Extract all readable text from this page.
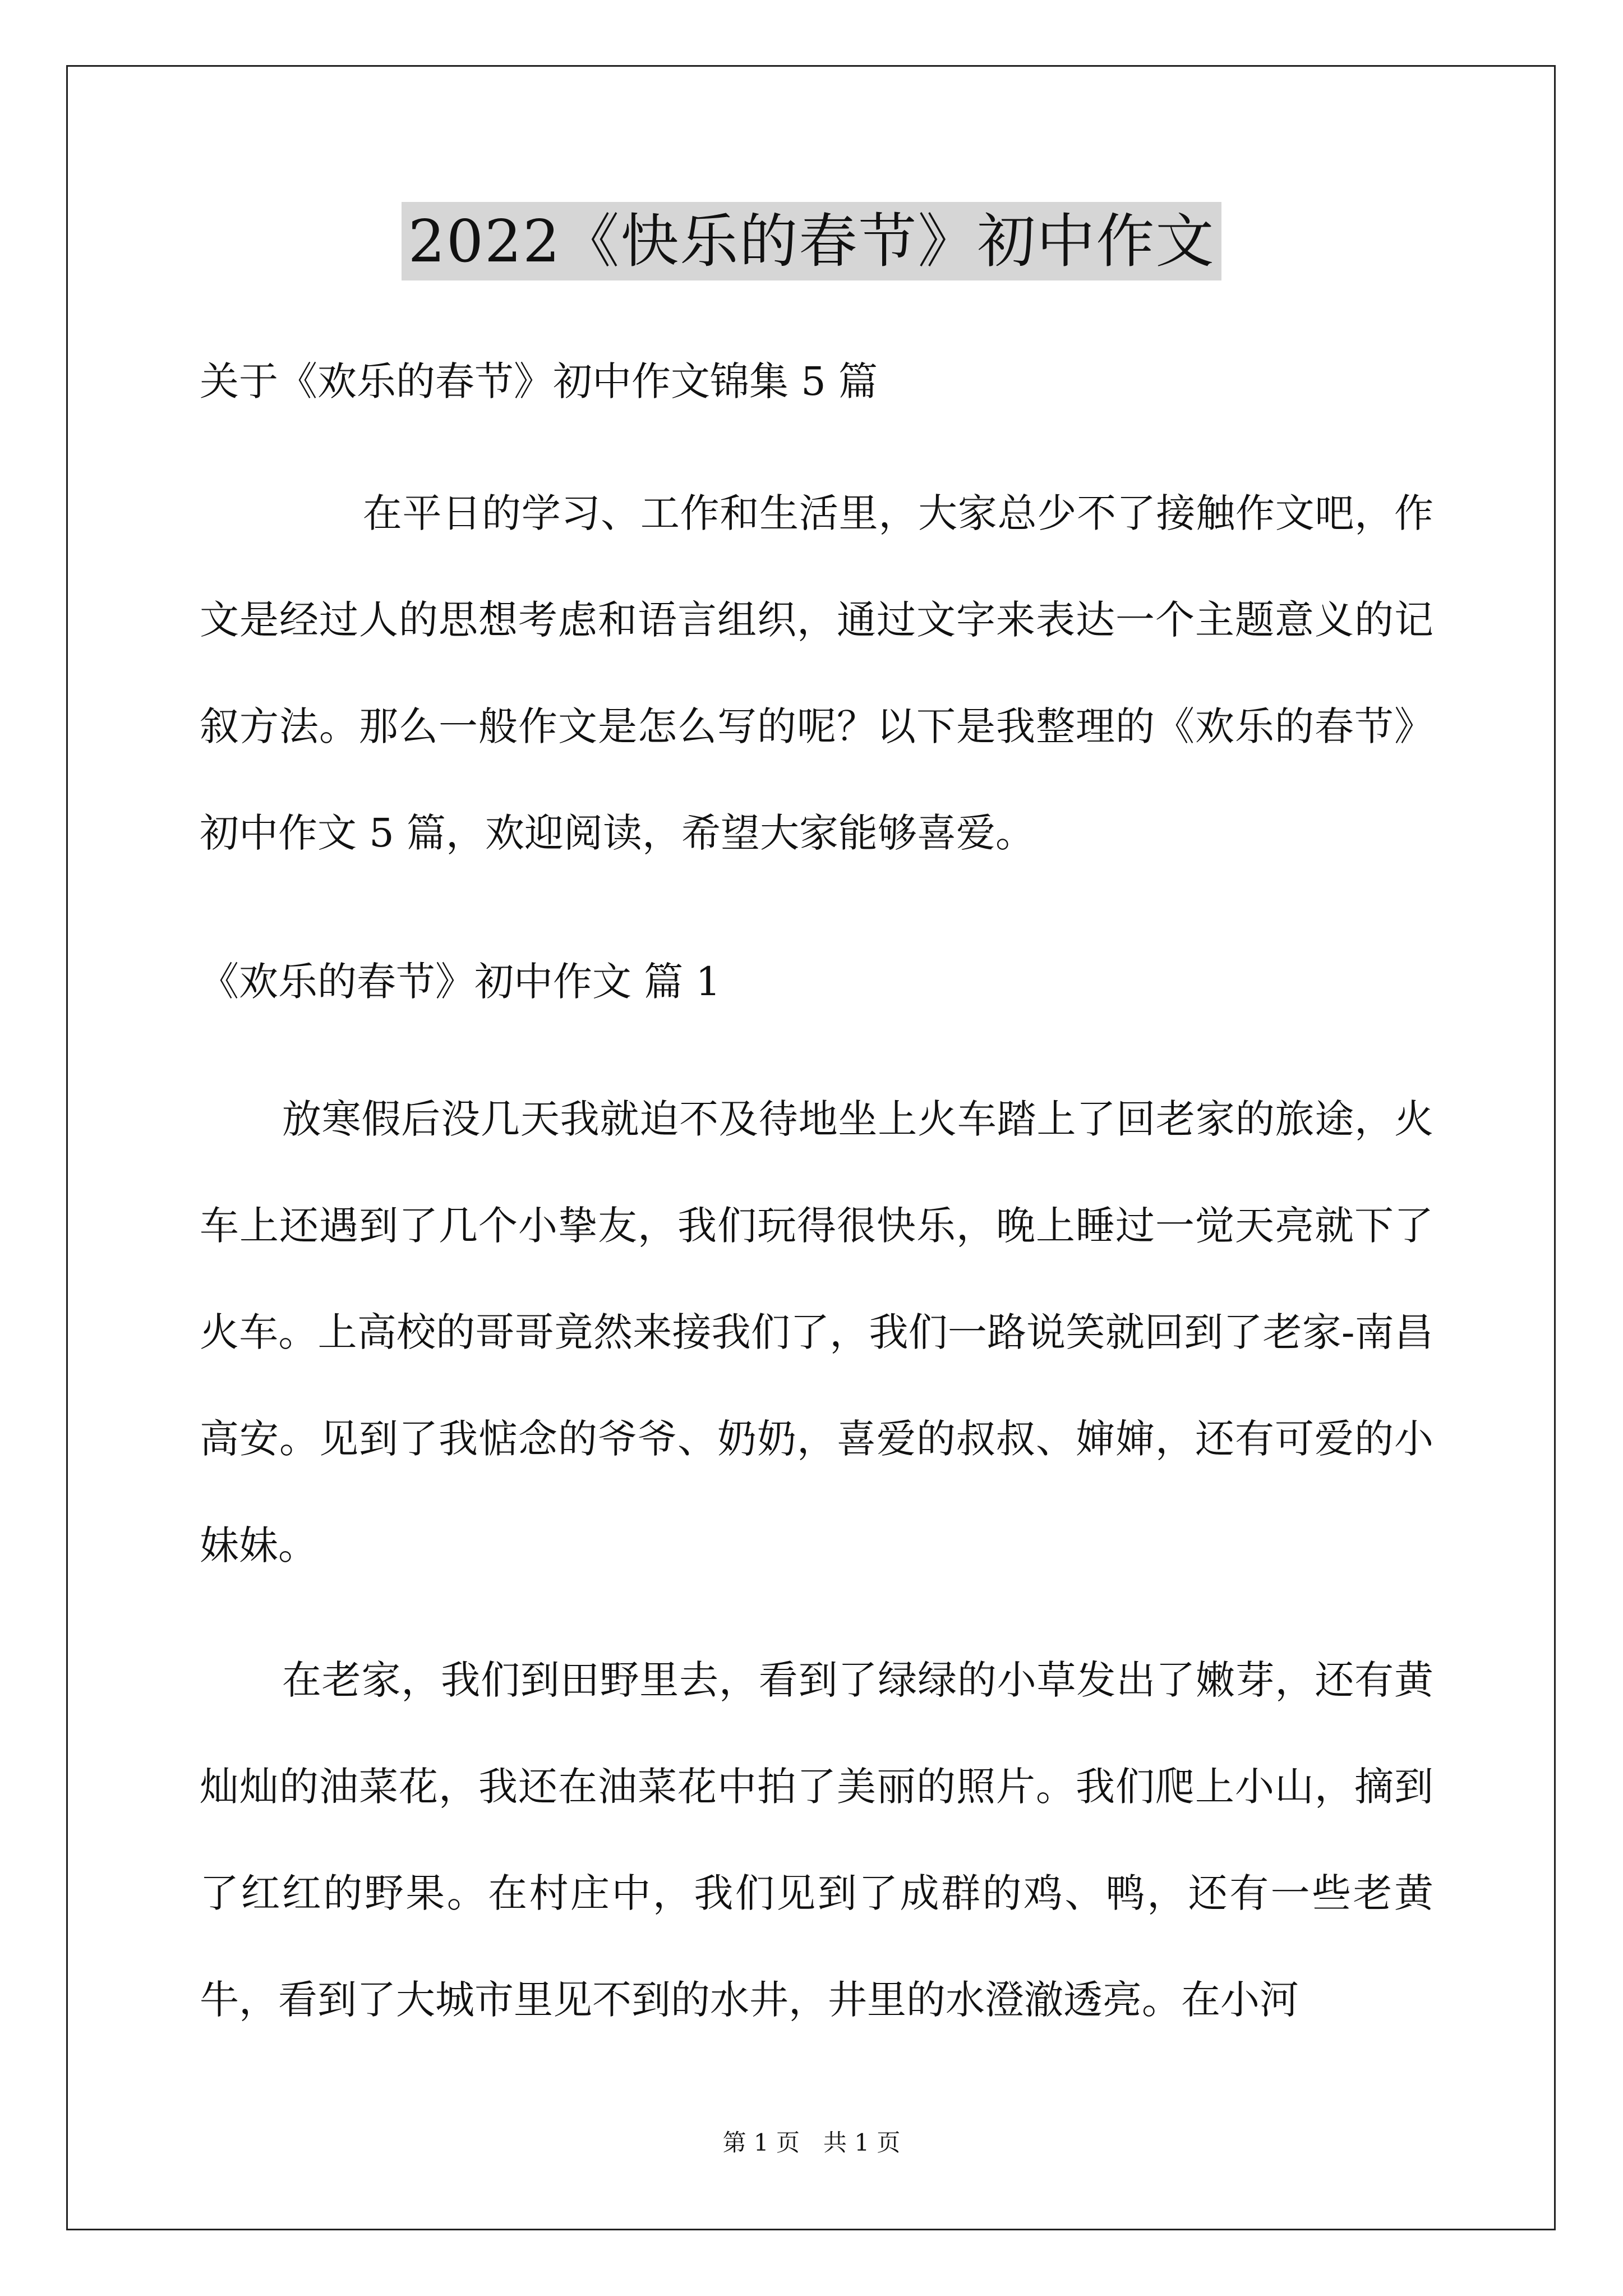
2022《快乐的春节》初中作文
关于《欢乐的春节》初中作文锦集 5 篇

在平日的学习、工作和生活里，大家总少不了接触作文吧，作文是经过人的思想考虑和语言组织，通过文字来表达一个主题意义的记叙方法。那么一般作文是怎么写的呢？以下是我整理的《欢乐的春节》初中作文 5 篇，欢迎阅读，希望大家能够喜爱。

《欢乐的春节》初中作文 篇 1

放寒假后没几天我就迫不及待地坐上火车踏上了回老家的旅途，火车上还遇到了几个小挚友，我们玩得很快乐，晚上睡过一觉天亮就下了火车。上高校的哥哥竟然来接我们了，我们一路说笑就回到了老家-南昌高安。见到了我惦念的爷爷、奶奶，喜爱的叔叔、婶婶，还有可爱的小妹妹。

在老家，我们到田野里去，看到了绿绿的小草发出了嫩芽，还有黄灿灿的油菜花，我还在油菜花中拍了美丽的照片。我们爬上小山，摘到了红红的野果。在村庄中，我们见到了成群的鸡、鸭，还有一些老黄牛，看到了大城市里见不到的水井，井里的水澄澈透亮。在小河

第 1 页　共 1 页
